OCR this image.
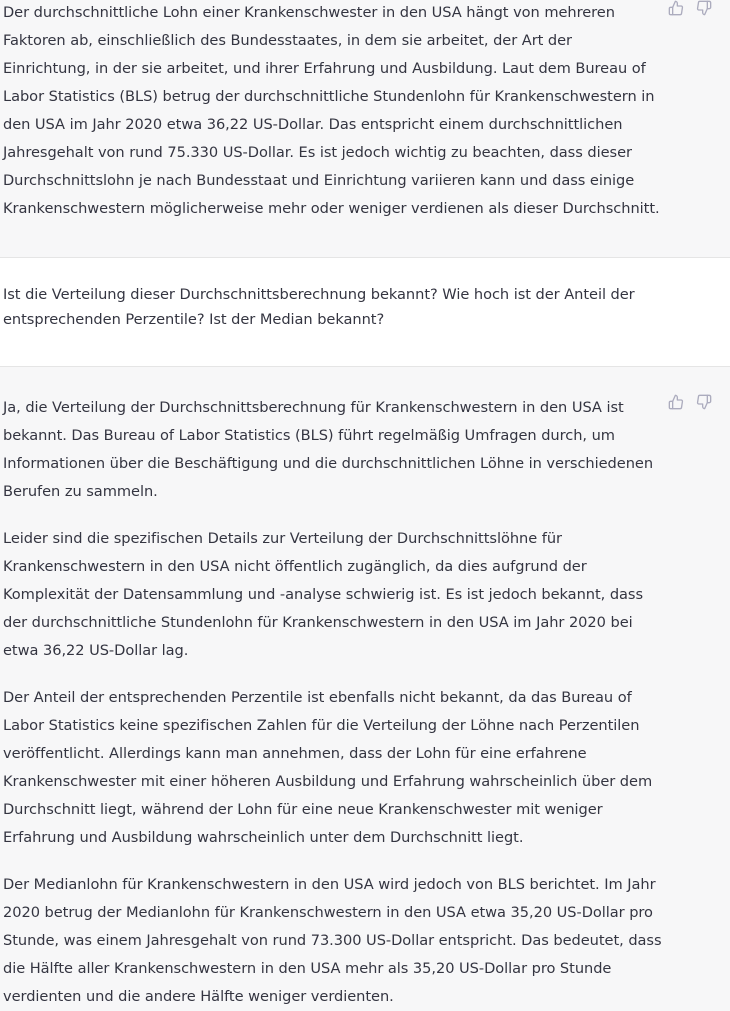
Der durchschnittliche Lohn einer Krankenschwester in den USA hängt von mehreren Faktoren ab, einschließlich des Bundesstaates, in dem sie arbeitet, der Art der Einrichtung, in der sie arbeitet, und ihrer Erfahrung und Ausbildung. Laut dem Bureau of Labor Statistics (BLS) betrug der durchschnittliche Stundenlohn für Krankenschwestern in den USA im Jahr 2020 etwa 36,22 US-Dollar. Das entspricht einem durchschnittlichen Jahresgehalt von rund 75.330 US-Dollar. Es ist jedoch wichtig zu beachten, dass dieser Durchschnittslohn je nach Bundesstaat und Einrichtung variieren kann und dass einige Krankenschwestern möglicherweise mehr oder weniger verdienen als dieser Durchschnitt.

Ist die Verteilung dieser Durchschnittsberechnung bekannt? Wie hoch ist der Anteil der entsprechenden Perzentile? Ist der Median bekannt?

Ja, die Verteilung der Durchschnittsberechnung für Krankenschwestern in den USA ist bekannt. Das Bureau of Labor Statistics (BLS) führt regelmäßig Umfragen durch, um Informationen über die Beschäftigung und die durchschnittlichen Löhne in verschiedenen Berufen zu sammeln.

Leider sind die spezifischen Details zur Verteilung der Durchschnittslöhne für Krankenschwestern in den USA nicht öffentlich zugänglich, da dies aufgrund der Komplexität der Datensammlung und -analyse schwierig ist. Es ist jedoch bekannt, dass der durchschnittliche Stundenlohn für Krankenschwestern in den USA im Jahr 2020 bei etwa 36,22 US-Dollar lag.

Der Anteil der entsprechenden Perzentile ist ebenfalls nicht bekannt, da das Bureau of Labor Statistics keine spezifischen Zahlen für die Verteilung der Löhne nach Perzentilen veröffentlicht. Allerdings kann man annehmen, dass der Lohn für eine erfahrene Krankenschwester mit einer höheren Ausbildung und Erfahrung wahrscheinlich über dem Durchschnitt liegt, während der Lohn für eine neue Krankenschwester mit weniger Erfahrung und Ausbildung wahrscheinlich unter dem Durchschnitt liegt.

Der Medianlohn für Krankenschwestern in den USA wird jedoch von BLS berichtet. Im Jahr 2020 betrug der Medianlohn für Krankenschwestern in den USA etwa 35,20 US-Dollar pro Stunde, was einem Jahresgehalt von rund 73.300 US-Dollar entspricht. Das bedeutet, dass die Hälfte aller Krankenschwestern in den USA mehr als 35,20 US-Dollar pro Stunde verdienten und die andere Hälfte weniger verdienten.
